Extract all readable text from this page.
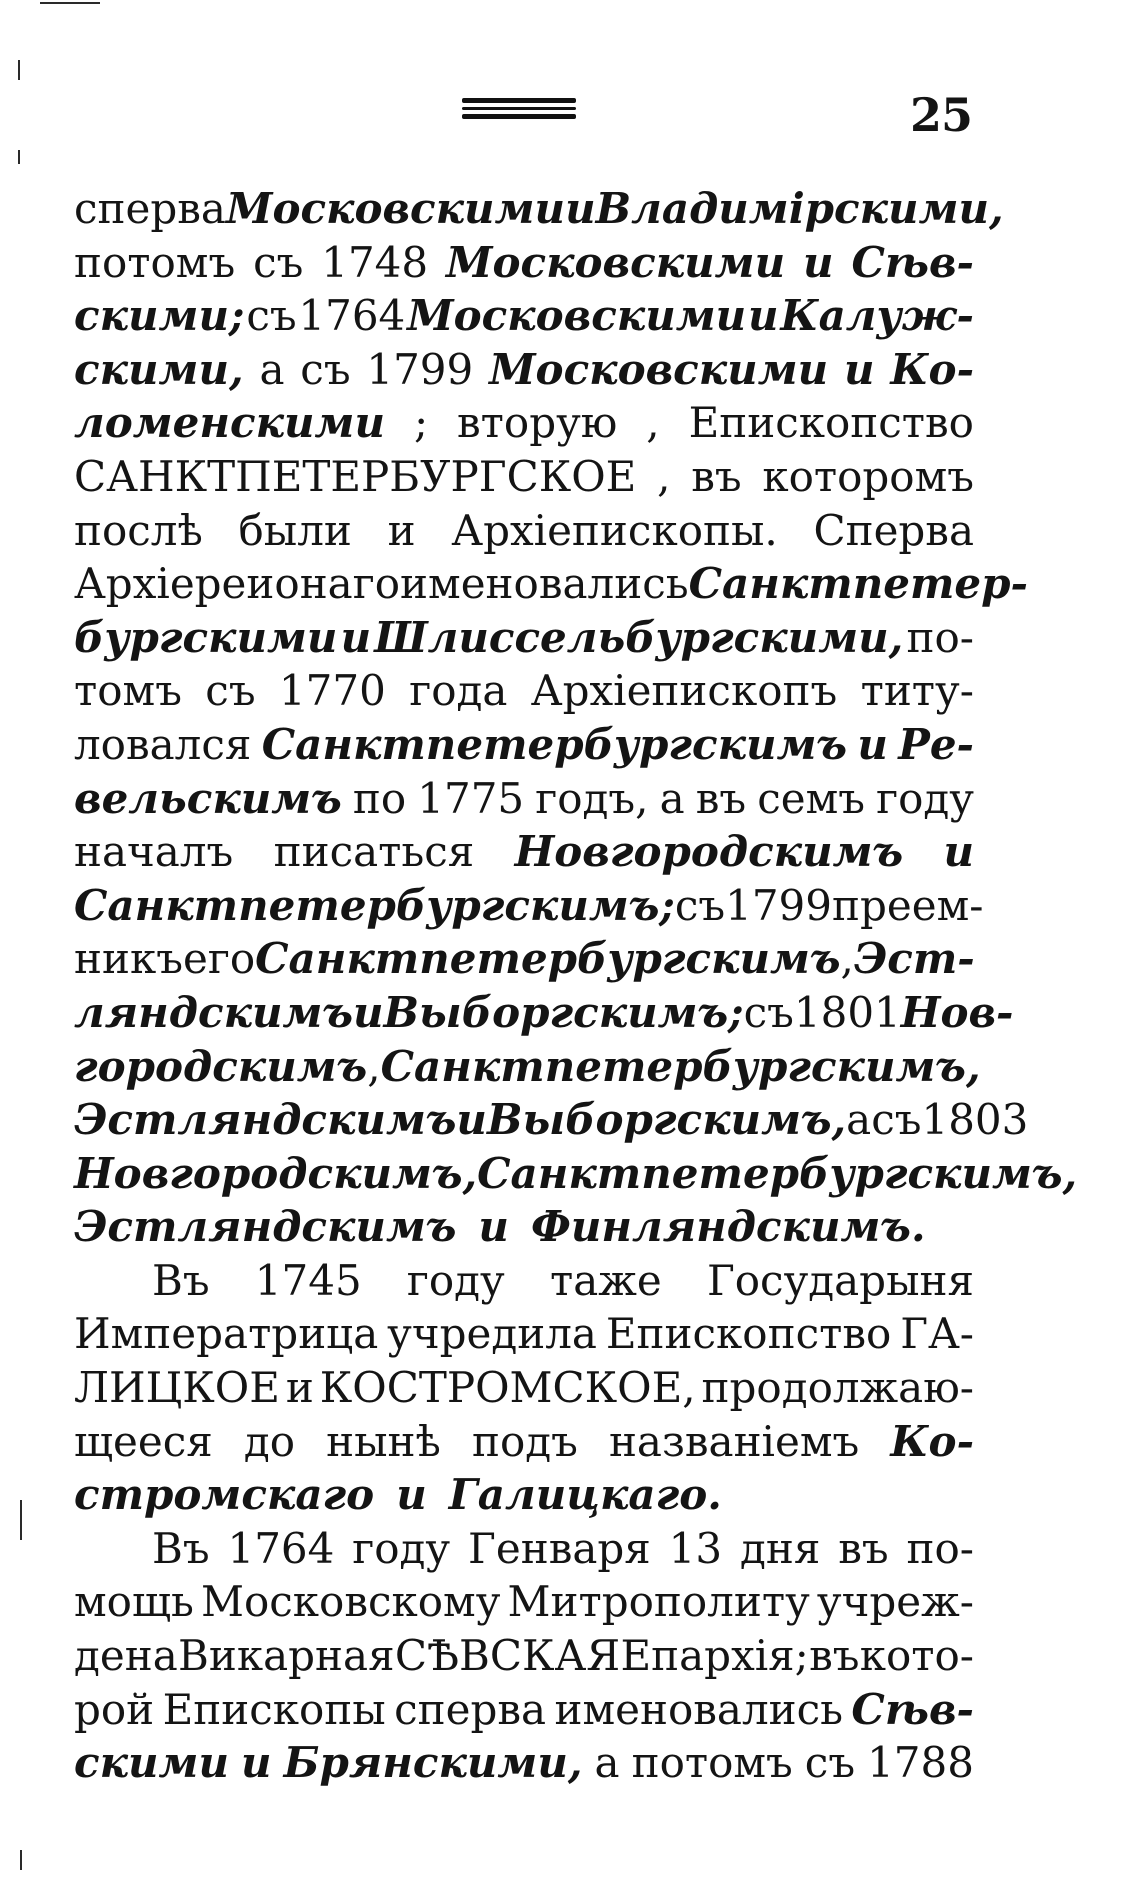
25
сперва Московскими и Владимірскими,
потомъ съ 1748 Московскими и Сѣв-
скими; съ 1764 Московскими и Калуж-
скими, а съ 1799 Московскими и Ко-
ломенскими ; вторую , Епископство
САНКТПЕТЕРБУРГСКОЕ , въ которомъ
послѣ были и Архіепископы. Сперва
Архіереи онаго именовались Санктпетер-
бургскими и Шлиссельбургскими, по-
томъ съ 1770 года Архіепископъ титу-
ловался Санктпетербургскимъ и Ре-
вельскимъ по 1775 годъ, а въ семъ году
началъ писаться Новгородскимъ и
Санктпетербургскимъ; съ 1799 преем-
никъ его Санктпетербургскимъ , Эст-
ляндскимъ и Выборгскимъ; съ 1801 Нов-
городскимъ , Санктпетербургскимъ,
Эстляндскимъ и Выборгскимъ, а съ 1803
Новгородскимъ,Санктпетербургскимъ,
Эстляндскимъ и Финляндскимъ.
Въ 1745 году таже Государыня
Императрица учредила Епископство ГА-
ЛИЦКОЕ и КОСТРОМСКОЕ, продолжаю-
щееся до нынѣ подъ названіемъ Ко-
стромскаго и Галицкаго.
Въ 1764 году Генваря 13 дня въ по-
мощь Московскому Митрополиту учреж-
дена Викарная СѢВСКАЯ Епархія; въ кото-
рой Епископы сперва именовались Сѣв-
скими и Брянскими, а потомъ съ 1788
